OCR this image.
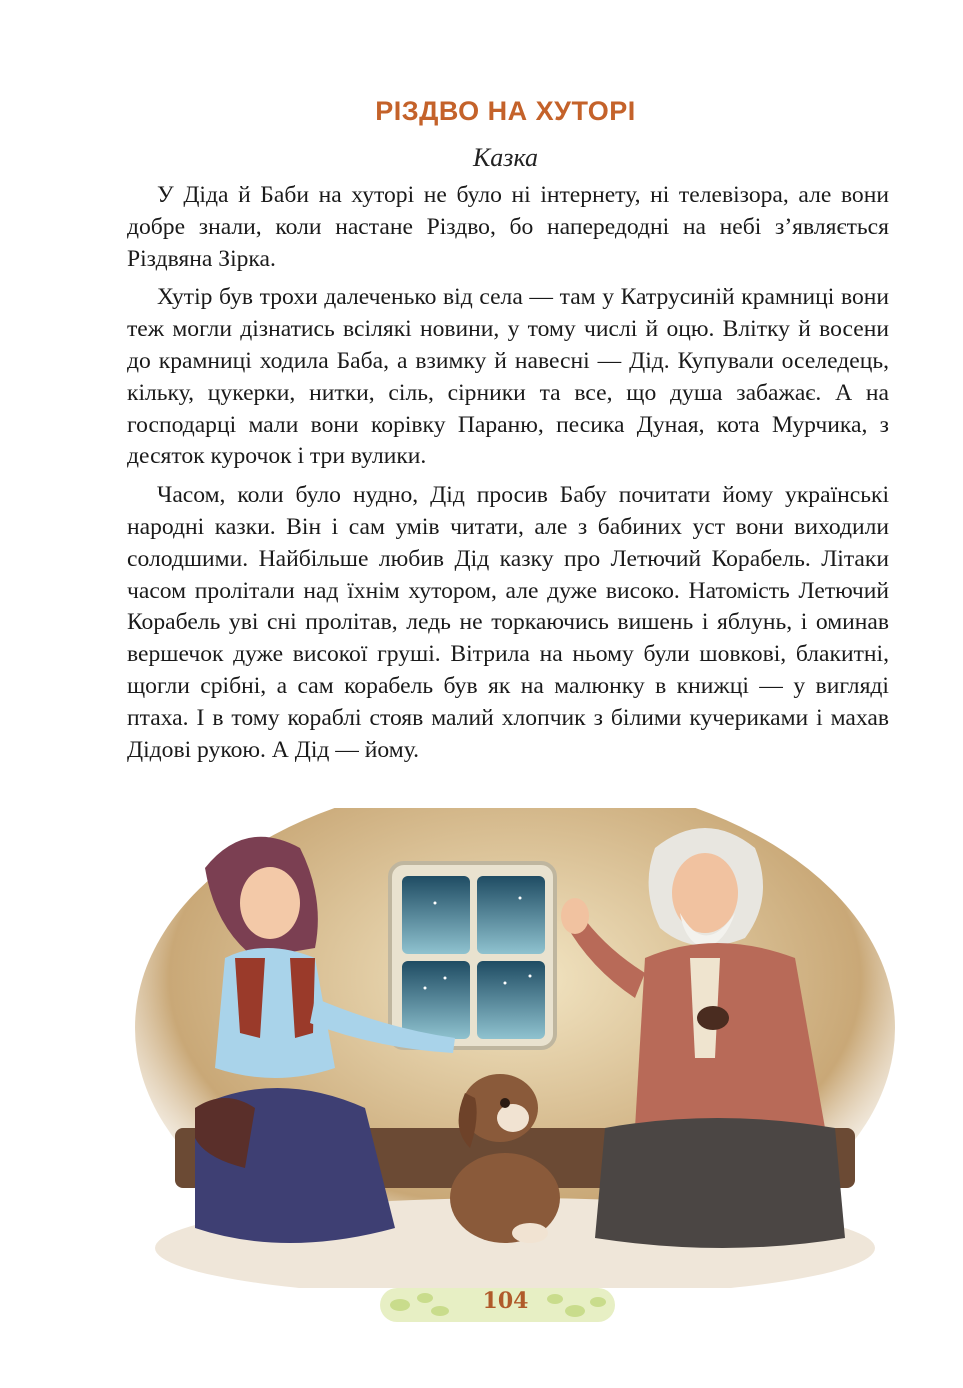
РІЗДВО НА ХУТОРІ
Казка

У Діда й Баби на хуторі не було ні інтернету, ні телевізора, але вони добре знали, коли настане Різдво, бо напередодні на небі з’являється Різдвяна Зірка.

Хутір був трохи далеченько від села — там у Катрусиній крамниці вони теж могли дізнатись всілякі новини, у тому числі й оцю. Влітку й восени до крамниці ходила Баба, а взимку й навесні — Дід. Купували оселедець, кільку, цукерки, нитки, сіль, сірники та все, що душа забажає. А на господарці мали вони корівку Параню, песика Дуная, кота Мурчика, з десяток курочок і три вулики.

Часом, коли було нудно, Дід просив Бабу почитати йому українські народні казки. Він і сам умів читати, але з бабиних уст вони виходили солодшими. Найбільше любив Дід казку про Летючий Корабель. Літаки часом пролітали над їхнім хутором, але дуже високо. Натомість Летючий Корабель уві сні пролітав, ледь не торкаючись вишень і яблунь, і оминав вершечок дуже високої груші. Вітрила на ньому були шовкові, блакитні, щогли срібні, а сам корабель був як на малюнку в книжці — у вигляді птаха. І в тому кораблі стояв малий хлопчик з білими кучериками і махав Дідові рукою. А Дід — йому.

104
